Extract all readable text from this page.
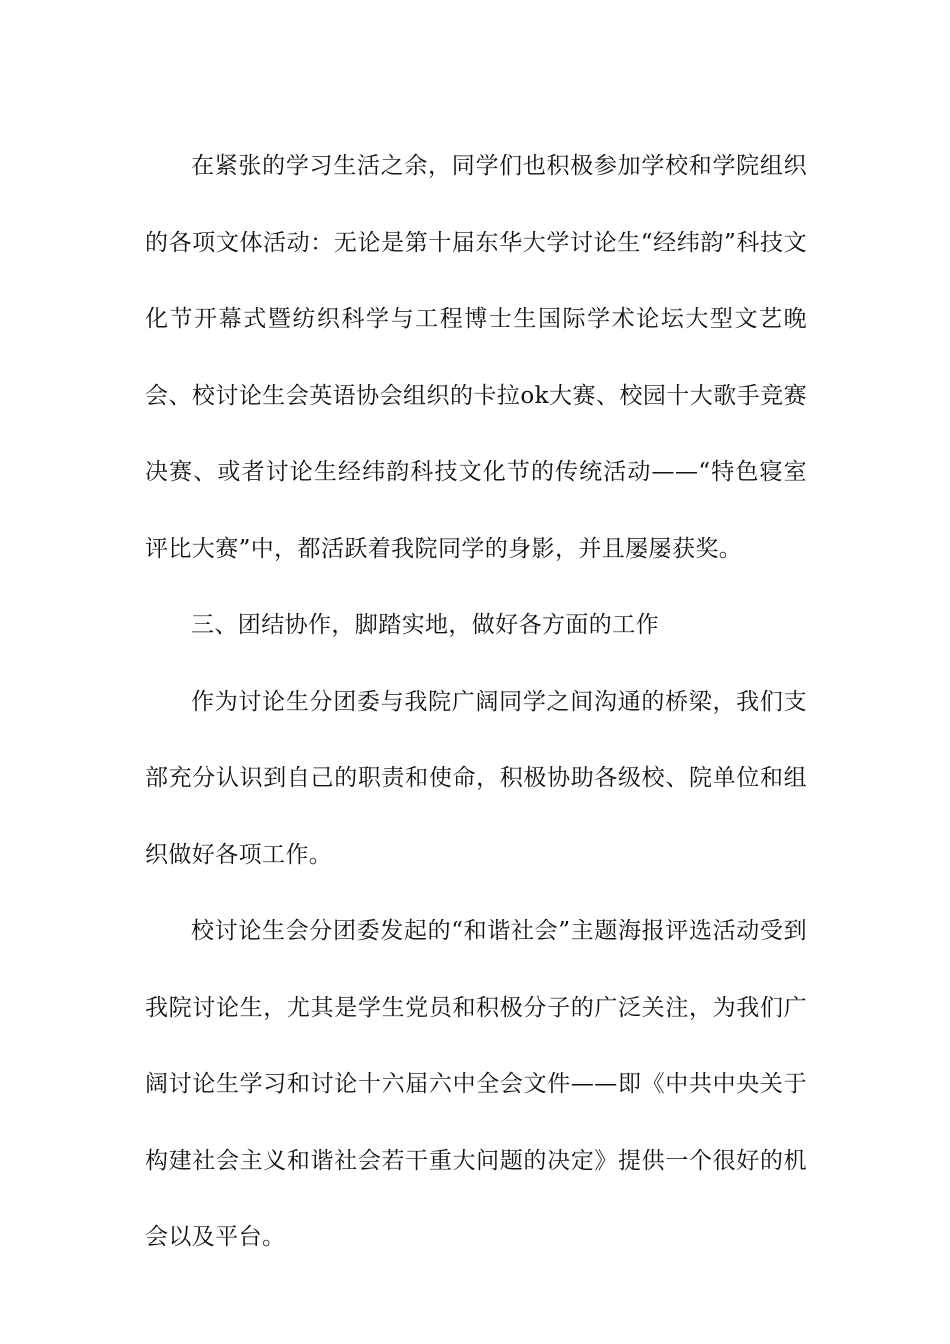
在紧张的学习生活之余，同学们也积极参加学校和学院组织的各项文体活动：无论是第十届东华大学讨论生“经纬韵”科技文化节开幕式暨纺织科学与工程博士生国际学术论坛大型文艺晚会、校讨论生会英语协会组织的卡拉ok大赛、校园十大歌手竞赛决赛、或者讨论生经纬韵科技文化节的传统活动——“特色寝室评比大赛”中，都活跃着我院同学的身影，并且屡屡获奖。

三、团结协作，脚踏实地，做好各方面的工作

作为讨论生分团委与我院广阔同学之间沟通的桥梁，我们支部充分认识到自己的职责和使命，积极协助各级校、院单位和组织做好各项工作。

校讨论生会分团委发起的“和谐社会”主题海报评选活动受到我院讨论生，尤其是学生党员和积极分子的广泛关注，为我们广阔讨论生学习和讨论十六届六中全会文件——即《中共中央关于构建社会主义和谐社会若干重大问题的决定》提供一个很好的机会以及平台。
